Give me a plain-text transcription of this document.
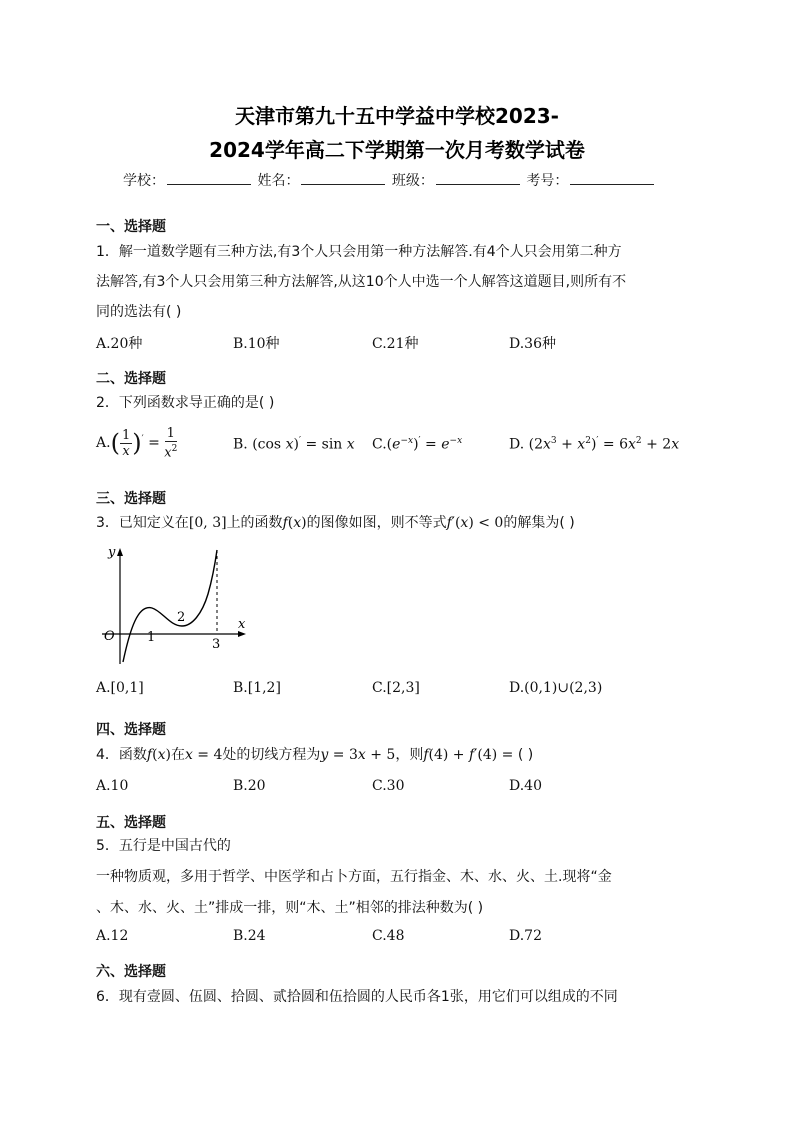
天津市第九十五中学益中学校2023-
2024学年高二下学期第一次月考数学试卷
学校：	姓名：	班级：	考号：
一、选择题
1．解一道数学题有三种方法,有3个人只会用第一种方法解答.有4个人只会用第二种方
法解答,有3个人只会用第三种方法解答,从这10个人中选一个人解答这道题目,则所有不
同的选法有( )
A.20种	B.10种	C.21种	D.36种
二、选择题
2．下列函数求导正确的是( )
$A.( \frac{1}{x} )' = \frac{1}{x^2}$	B. (cos x)′ = sin x $C.(e^{-x})' = e^{-x}$	D. $(2x^3 + x^2)' = 6x^2 + 2x$
三、选择题
3．已知定义在[0, 3]上的函数f(x)的图像如图，则不等式f′(x) < 0的解集为( )
y
x
O 1
2
3
A.[0,1]	B.[1,2]	C.[2,3]	D.(0,1)∪(2,3)
四、选择题
4．函数f(x)在x = 4处的切线方程为y = 3x + 5，则f(4) + f′(4) = ( )
A.10	B.20	C.30	D.40
五、选择题
5．五行是中国古代的
一种物质观，多用于哲学、中医学和占卜方面，五行指金、木、水、火、土.现将“金
、木、水、火、土”排成一排，则“木、土”相邻的排法种数为( )
A.12	B.24	C.48	D.72
六、选择题
6．现有壹圆、伍圆、拾圆、贰拾圆和伍拾圆的人民币各1张，用它们可以组成的不同
